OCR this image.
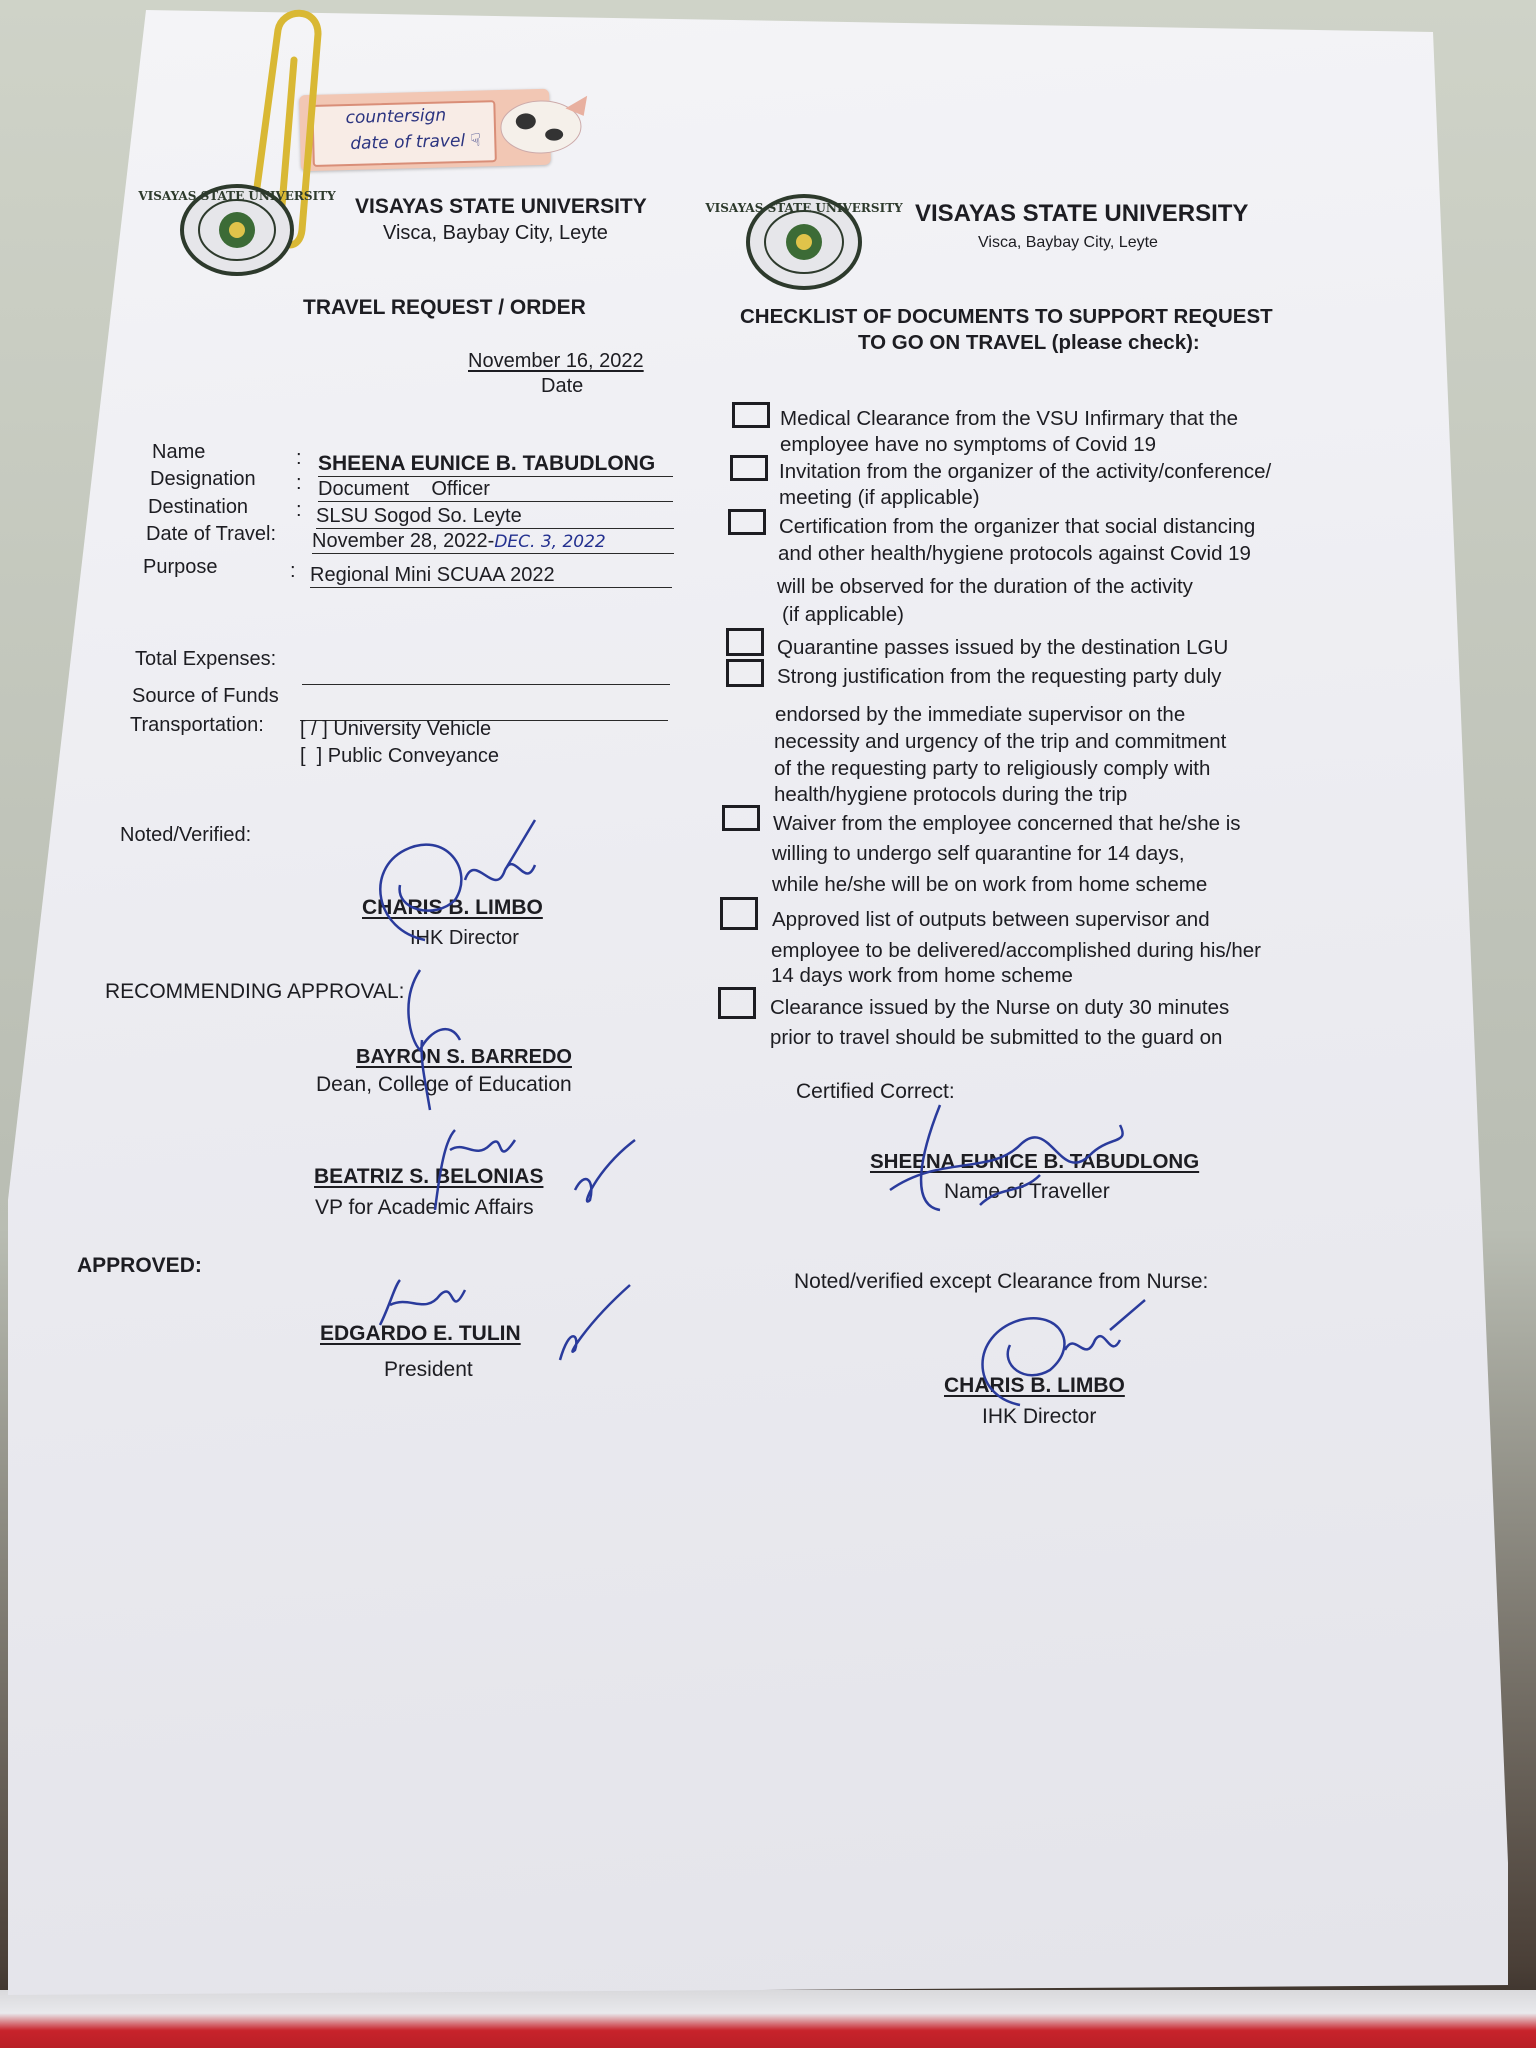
countersign
date of travel ☟
VISAYAS STATE UNIVERSITY VISAYAS STATE UNIVERSITY
Visca, Baybay City, Leyte
TRAVEL REQUEST / ORDER
November 16, 2022
Date
Name	: SHEENA EUNICE B. TABUDLONG
Designation : Document    Officer
Destination : SLSU Sogod So. Leyte
Date of Travel: November 28, 2022-DEC. 3, 2022
Purpose	: Regional Mini SCUAA 2022
Total Expenses:
Source of Funds
Transportation: [ / ] University Vehicle
[  ] Public Conveyance
Noted/Verified:
CHARIS B. LIMBO
IHK Director
RECOMMENDING APPROVAL:
BAYRON S. BARREDO
Dean, College of Education
BEATRIZ S. BELONIAS
VP for Academic Affairs
APPROVED:
EDGARDO E. TULIN
President
VISAYAS STATE UNIVERSITY VISAYAS STATE UNIVERSITY
Visca, Baybay City, Leyte
CHECKLIST OF DOCUMENTS TO SUPPORT REQUEST
TO GO ON TRAVEL (please check):
Medical Clearance from the VSU Infirmary that the
employee have no symptoms of Covid 19
Invitation from the organizer of the activity/conference/
meeting (if applicable)
Certification from the organizer that social distancing
and other health/hygiene protocols against Covid 19
will be observed for the duration of the activity
(if applicable)
Quarantine passes issued by the destination LGU
Strong justification from the requesting party duly
endorsed by the immediate supervisor on the
necessity and urgency of the trip and commitment
of the requesting party to religiously comply with
health/hygiene protocols during the trip
Waiver from the employee concerned that he/she is
willing to undergo self quarantine for 14 days,
while he/she will be on work from home scheme
Approved list of outputs between supervisor and
employee to be delivered/accomplished during his/her
14 days work from home scheme
Clearance issued by the Nurse on duty 30 minutes
prior to travel should be submitted to the guard on
Certified Correct:
SHEENA EUNICE B. TABUDLONG
Name of Traveller
Noted/verified except Clearance from Nurse:
CHARIS B. LIMBO
IHK Director
